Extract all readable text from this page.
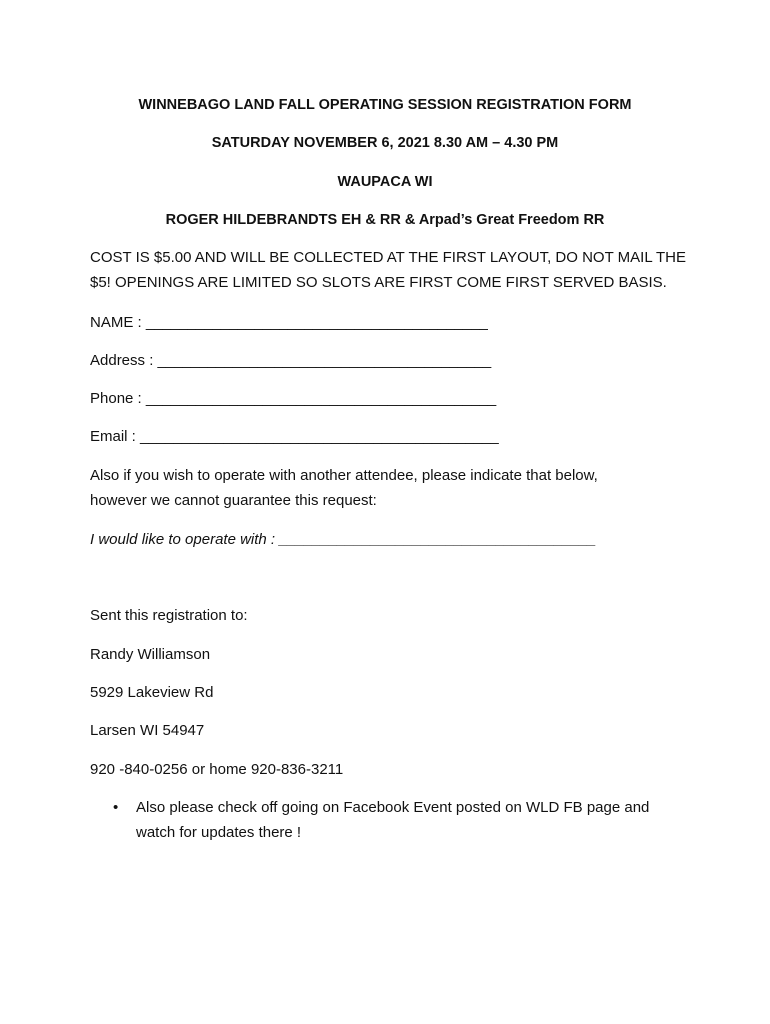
WINNEBAGO LAND FALL OPERATING SESSION REGISTRATION FORM
SATURDAY NOVEMBER 6, 2021 8.30 AM – 4.30 PM
WAUPACA WI
ROGER HILDEBRANDTS EH & RR & Arpad’s Great Freedom RR
COST IS $5.00 AND WILL BE COLLECTED AT THE FIRST LAYOUT, DO NOT MAIL THE
$5! OPENINGS ARE LIMITED SO SLOTS ARE FIRST COME FIRST SERVED BASIS.
NAME : _________________________________________
Address : ________________________________________
Phone : __________________________________________
Email : ___________________________________________
Also if you wish to operate with another attendee, please indicate that below,
however we cannot guarantee this request:
I would like to operate with : ______________________________________
Sent this registration to:
Randy Williamson
5929 Lakeview Rd
Larsen WI 54947
920 -840-0256 or home 920-836-3211
• Also please check off going on Facebook Event posted on WLD FB page and
watch for updates there !
